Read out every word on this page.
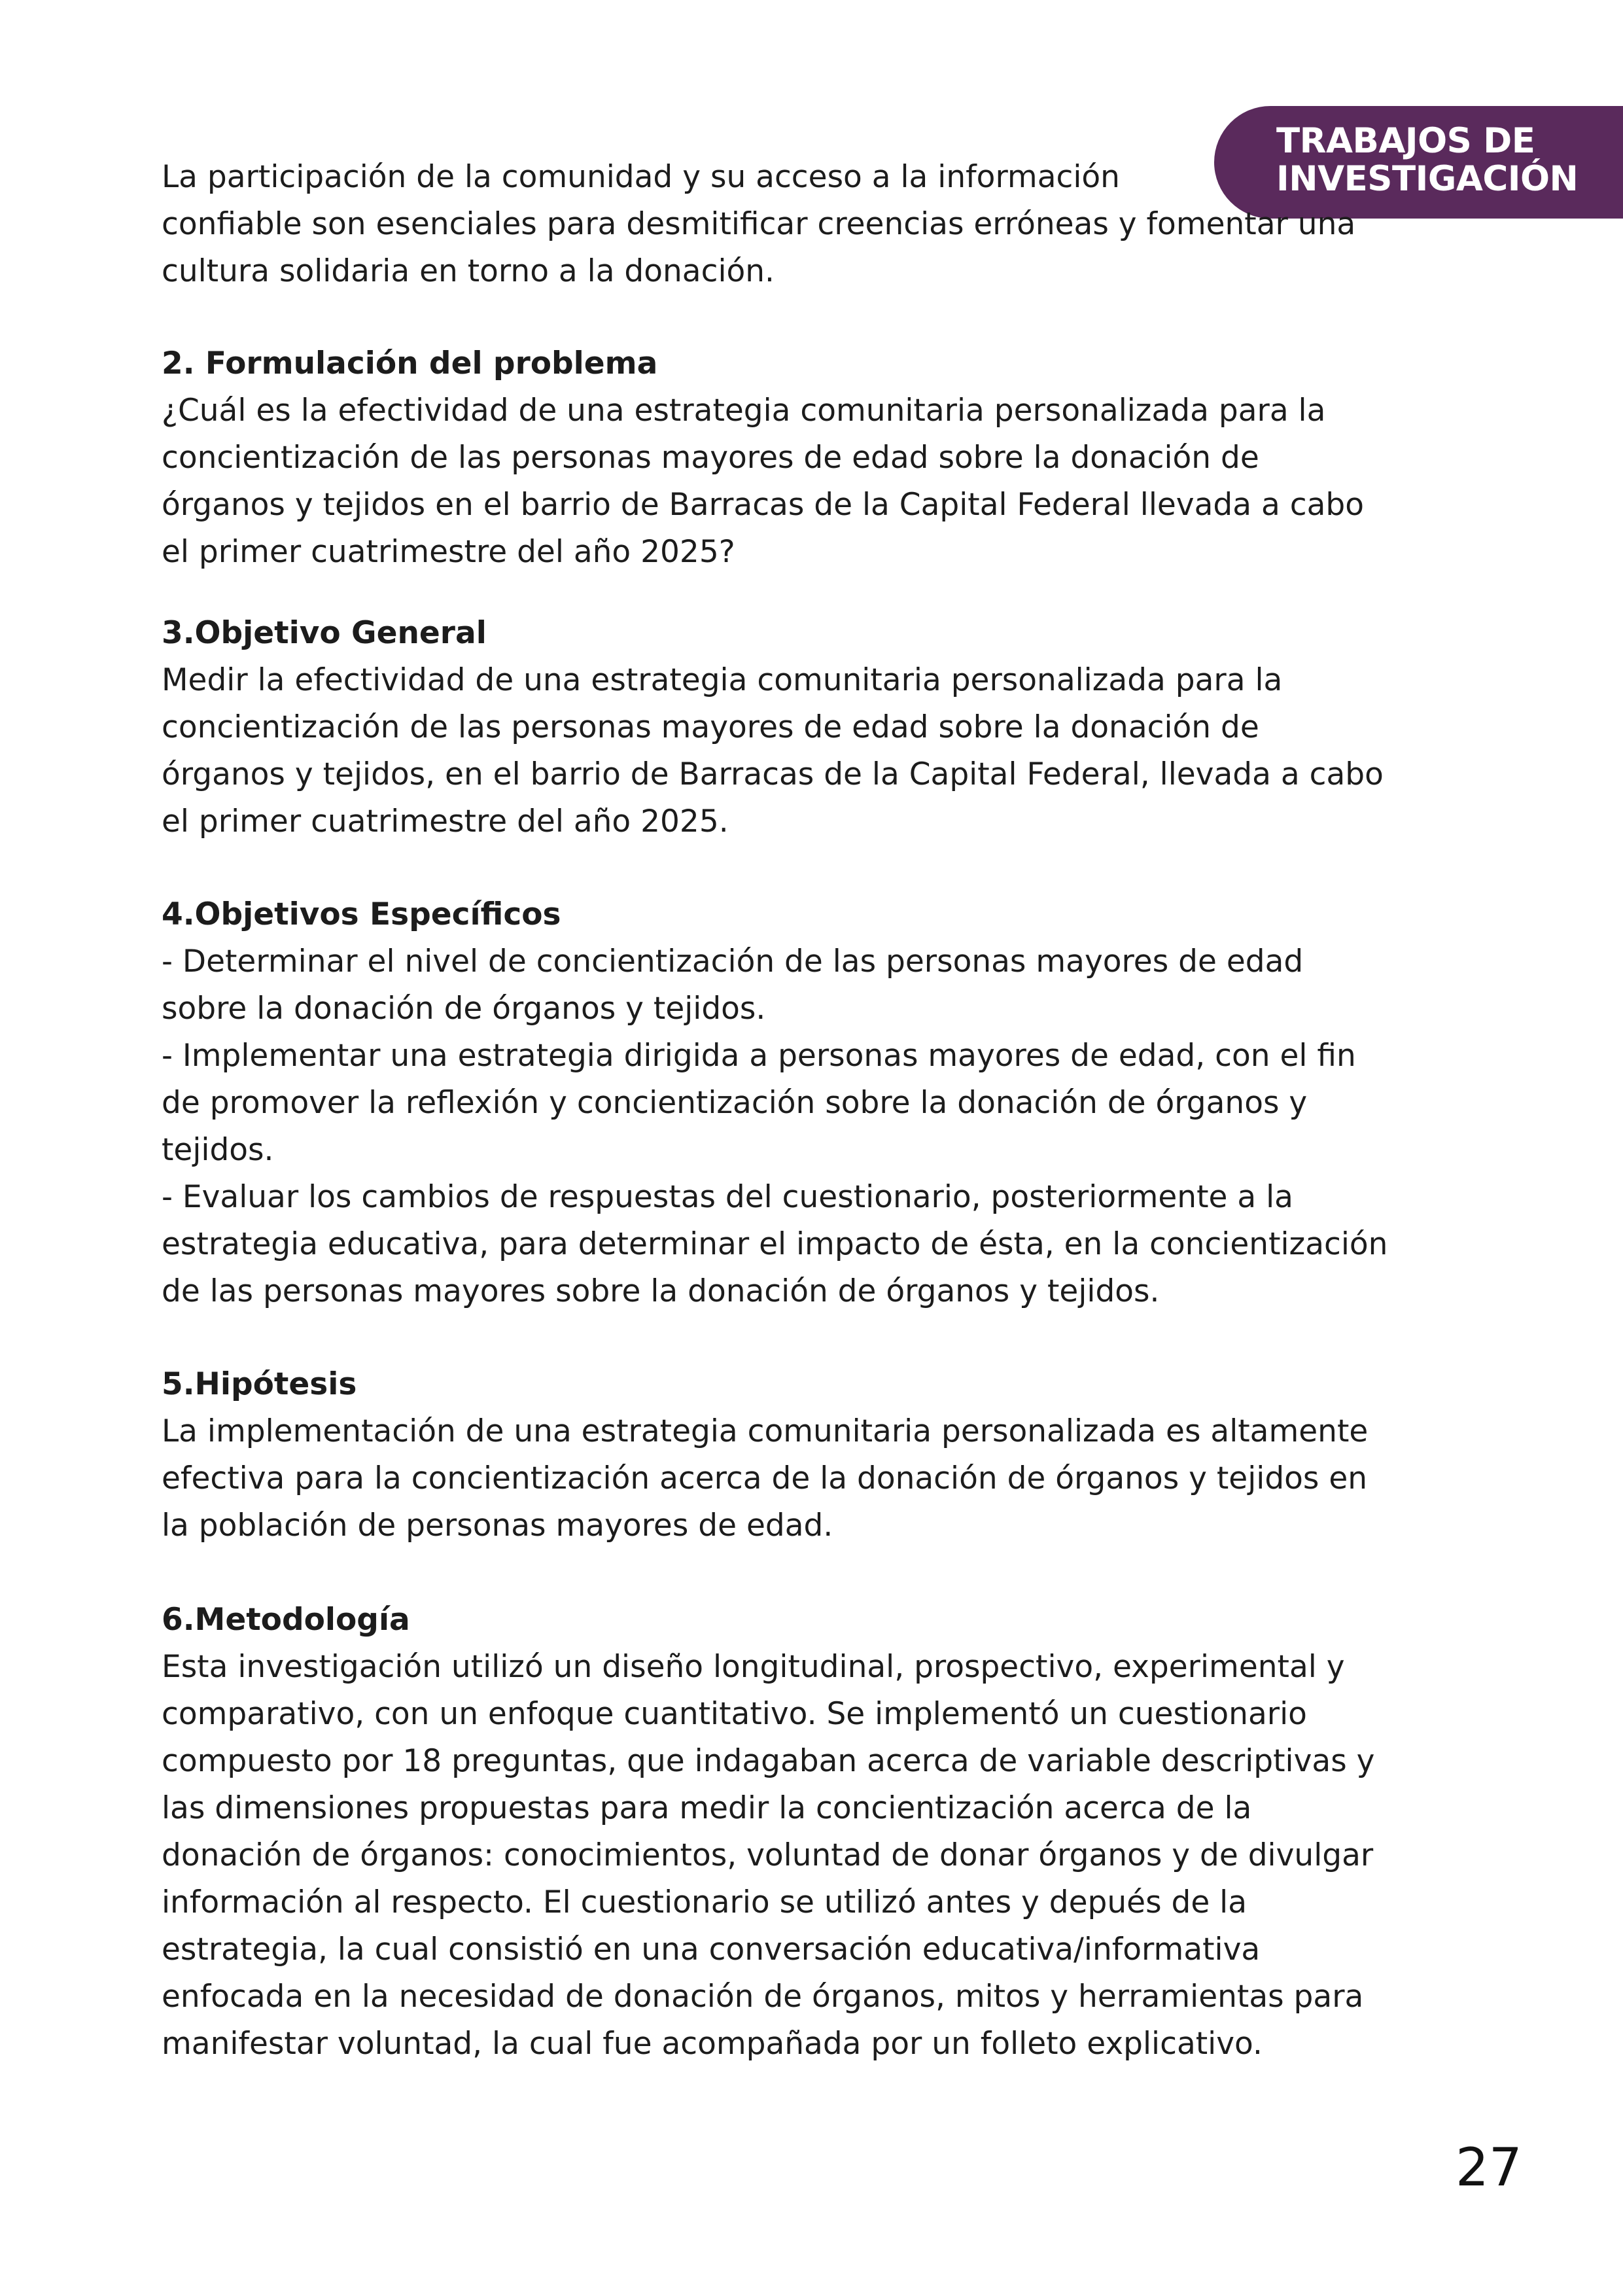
TRABAJOS DE
INVESTIGACIÓN
La participación de la comunidad y su acceso a la información
confiable son esenciales para desmitificar creencias erróneas y fomentar una
cultura solidaria en torno a la donación.

2. Formulación del problema

¿Cuál es la efectividad de una estrategia comunitaria personalizada para la

concientización de las personas mayores de edad sobre la donación de

órganos y tejidos en el barrio de Barracas de la Capital Federal llevada a cabo

el primer cuatrimestre del año 2025?

3.Objetivo General

Medir la efectividad de una estrategia comunitaria personalizada para la

concientización de las personas mayores de edad sobre la donación de

órganos y tejidos, en el barrio de Barracas de la Capital Federal, llevada a cabo

el primer cuatrimestre del año 2025.

4.Objetivos Específicos

- Determinar el nivel de concientización de las personas mayores de edad

sobre la donación de órganos y tejidos.

- Implementar una estrategia dirigida a personas mayores de edad, con el fin

de promover la reflexión y concientización sobre la donación de órganos y

tejidos.

- Evaluar los cambios de respuestas del cuestionario, posteriormente a la

estrategia educativa, para determinar el impacto de ésta, en la concientización

de las personas mayores sobre la donación de órganos y tejidos.

5.Hipótesis

La implementación de una estrategia comunitaria personalizada es altamente

efectiva para la concientización acerca de la donación de órganos y tejidos en

la población de personas mayores de edad.

6.Metodología

Esta investigación utilizó un diseño longitudinal, prospectivo, experimental y

comparativo, con un enfoque cuantitativo. Se implementó un cuestionario

compuesto por 18 preguntas, que indagaban acerca de variable descriptivas y

las dimensiones propuestas para medir la concientización acerca de la

donación de órganos: conocimientos, voluntad de donar órganos y de divulgar

información al respecto. El cuestionario se utilizó antes y depués de la

estrategia, la cual consistió en una conversación educativa/informativa

enfocada en la necesidad de donación de órganos, mitos y herramientas para

manifestar voluntad, la cual fue acompañada por un folleto explicativo.

27
